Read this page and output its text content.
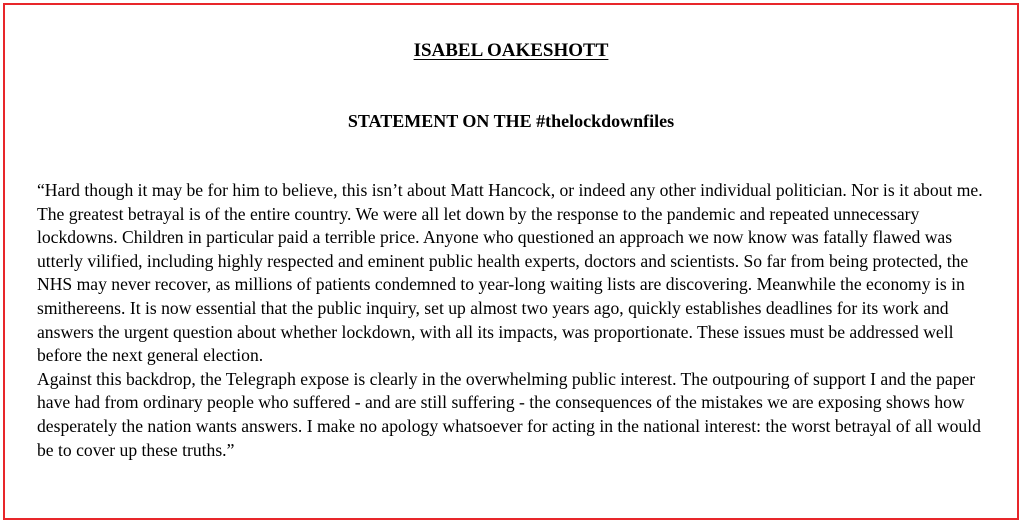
ISABEL OAKESHOTT
STATEMENT ON THE #thelockdownfiles

“Hard though it may be for him to believe, this isn’t about Matt Hancock, or indeed any other individual politician. Nor is it about me. The greatest betrayal is of the entire country. We were all let down by the response to the pandemic and repeated unnecessary lockdowns. Children in particular paid a terrible price. Anyone who questioned an approach we now know was fatally flawed was utterly vilified, including highly respected and eminent public health experts, doctors and scientists. So far from being protected, the NHS may never recover, as millions of patients condemned to year-long waiting lists are discovering. Meanwhile the economy is in smithereens. It is now essential that the public inquiry, set up almost two years ago, quickly establishes deadlines for its work and answers the urgent question about whether lockdown, with all its impacts, was proportionate. These issues must be addressed well before the next general election.

Against this backdrop, the Telegraph expose is clearly in the overwhelming public interest. The outpouring of support I and the paper have had from ordinary people who suffered - and are still suffering - the consequences of the mistakes we are exposing shows how desperately the nation wants answers. I make no apology whatsoever for acting in the national interest: the worst betrayal of all would be to cover up these truths.”
